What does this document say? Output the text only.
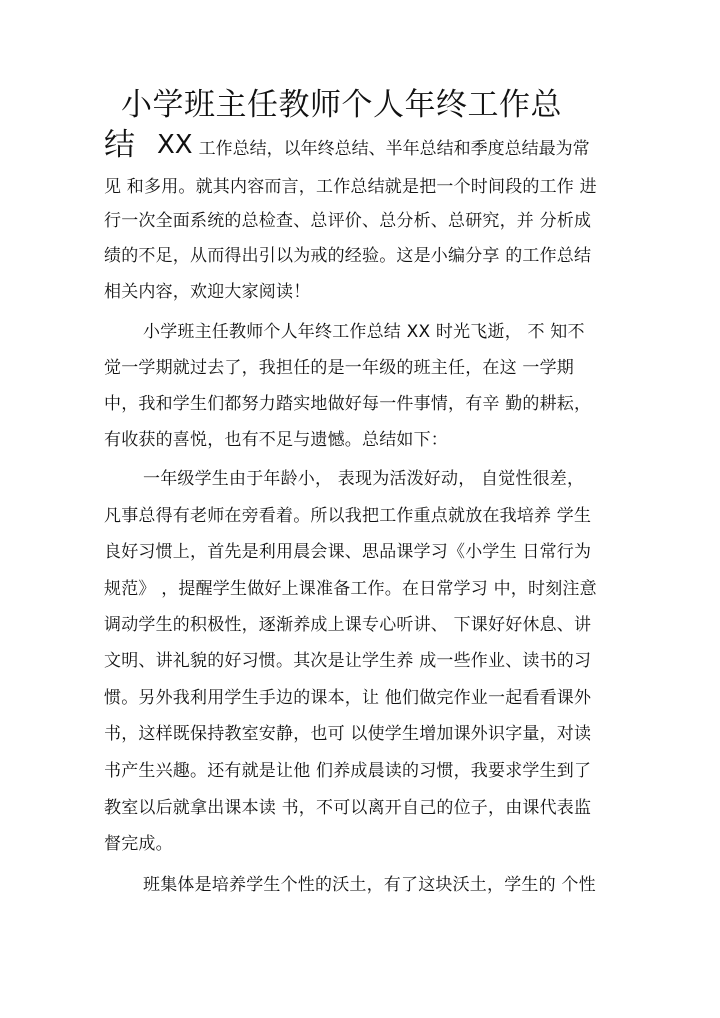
小学班主任教师个人年终工作总
结 XX 工作总结，以年终总结、半年总结和季度总结最为常
见 和多用。就其内容而言，工作总结就是把一个时间段的工作 进
行一次全面系统的总检查、总评价、总分析、总研究，并 分析成
绩的不足，从而得出引以为戒的经验。这是小编分享 的工作总结
相关内容，欢迎大家阅读！
小学班主任教师个人年终工作总结 XX 时光飞逝， 不 知不
觉一学期就过去了，我担任的是一年级的班主任，在这 一学期
中，我和学生们都努力踏实地做好每一件事情，有辛 勤的耕耘，
有收获的喜悦，也有不足与遗憾。总结如下：
一年级学生由于年龄小， 表现为活泼好动， 自觉性很差，
凡事总得有老师在旁看着。所以我把工作重点就放在我培养 学生
良好习惯上，首先是利用晨会课、思品课学习《小学生 日常行为
规范》 ，提醒学生做好上课准备工作。在日常学习 中，时刻注意
调动学生的积极性，逐渐养成上课专心听讲、 下课好好休息、讲
文明、讲礼貌的好习惯。其次是让学生养 成一些作业、读书的习
惯。另外我利用学生手边的课本，让 他们做完作业一起看看课外
书，这样既保持教室安静，也可 以使学生增加课外识字量，对读
书产生兴趣。还有就是让他 们养成晨读的习惯，我要求学生到了
教室以后就拿出课本读 书，不可以离开自己的位子，由课代表监
督完成。
班集体是培养学生个性的沃土，有了这块沃土，学生的 个性
